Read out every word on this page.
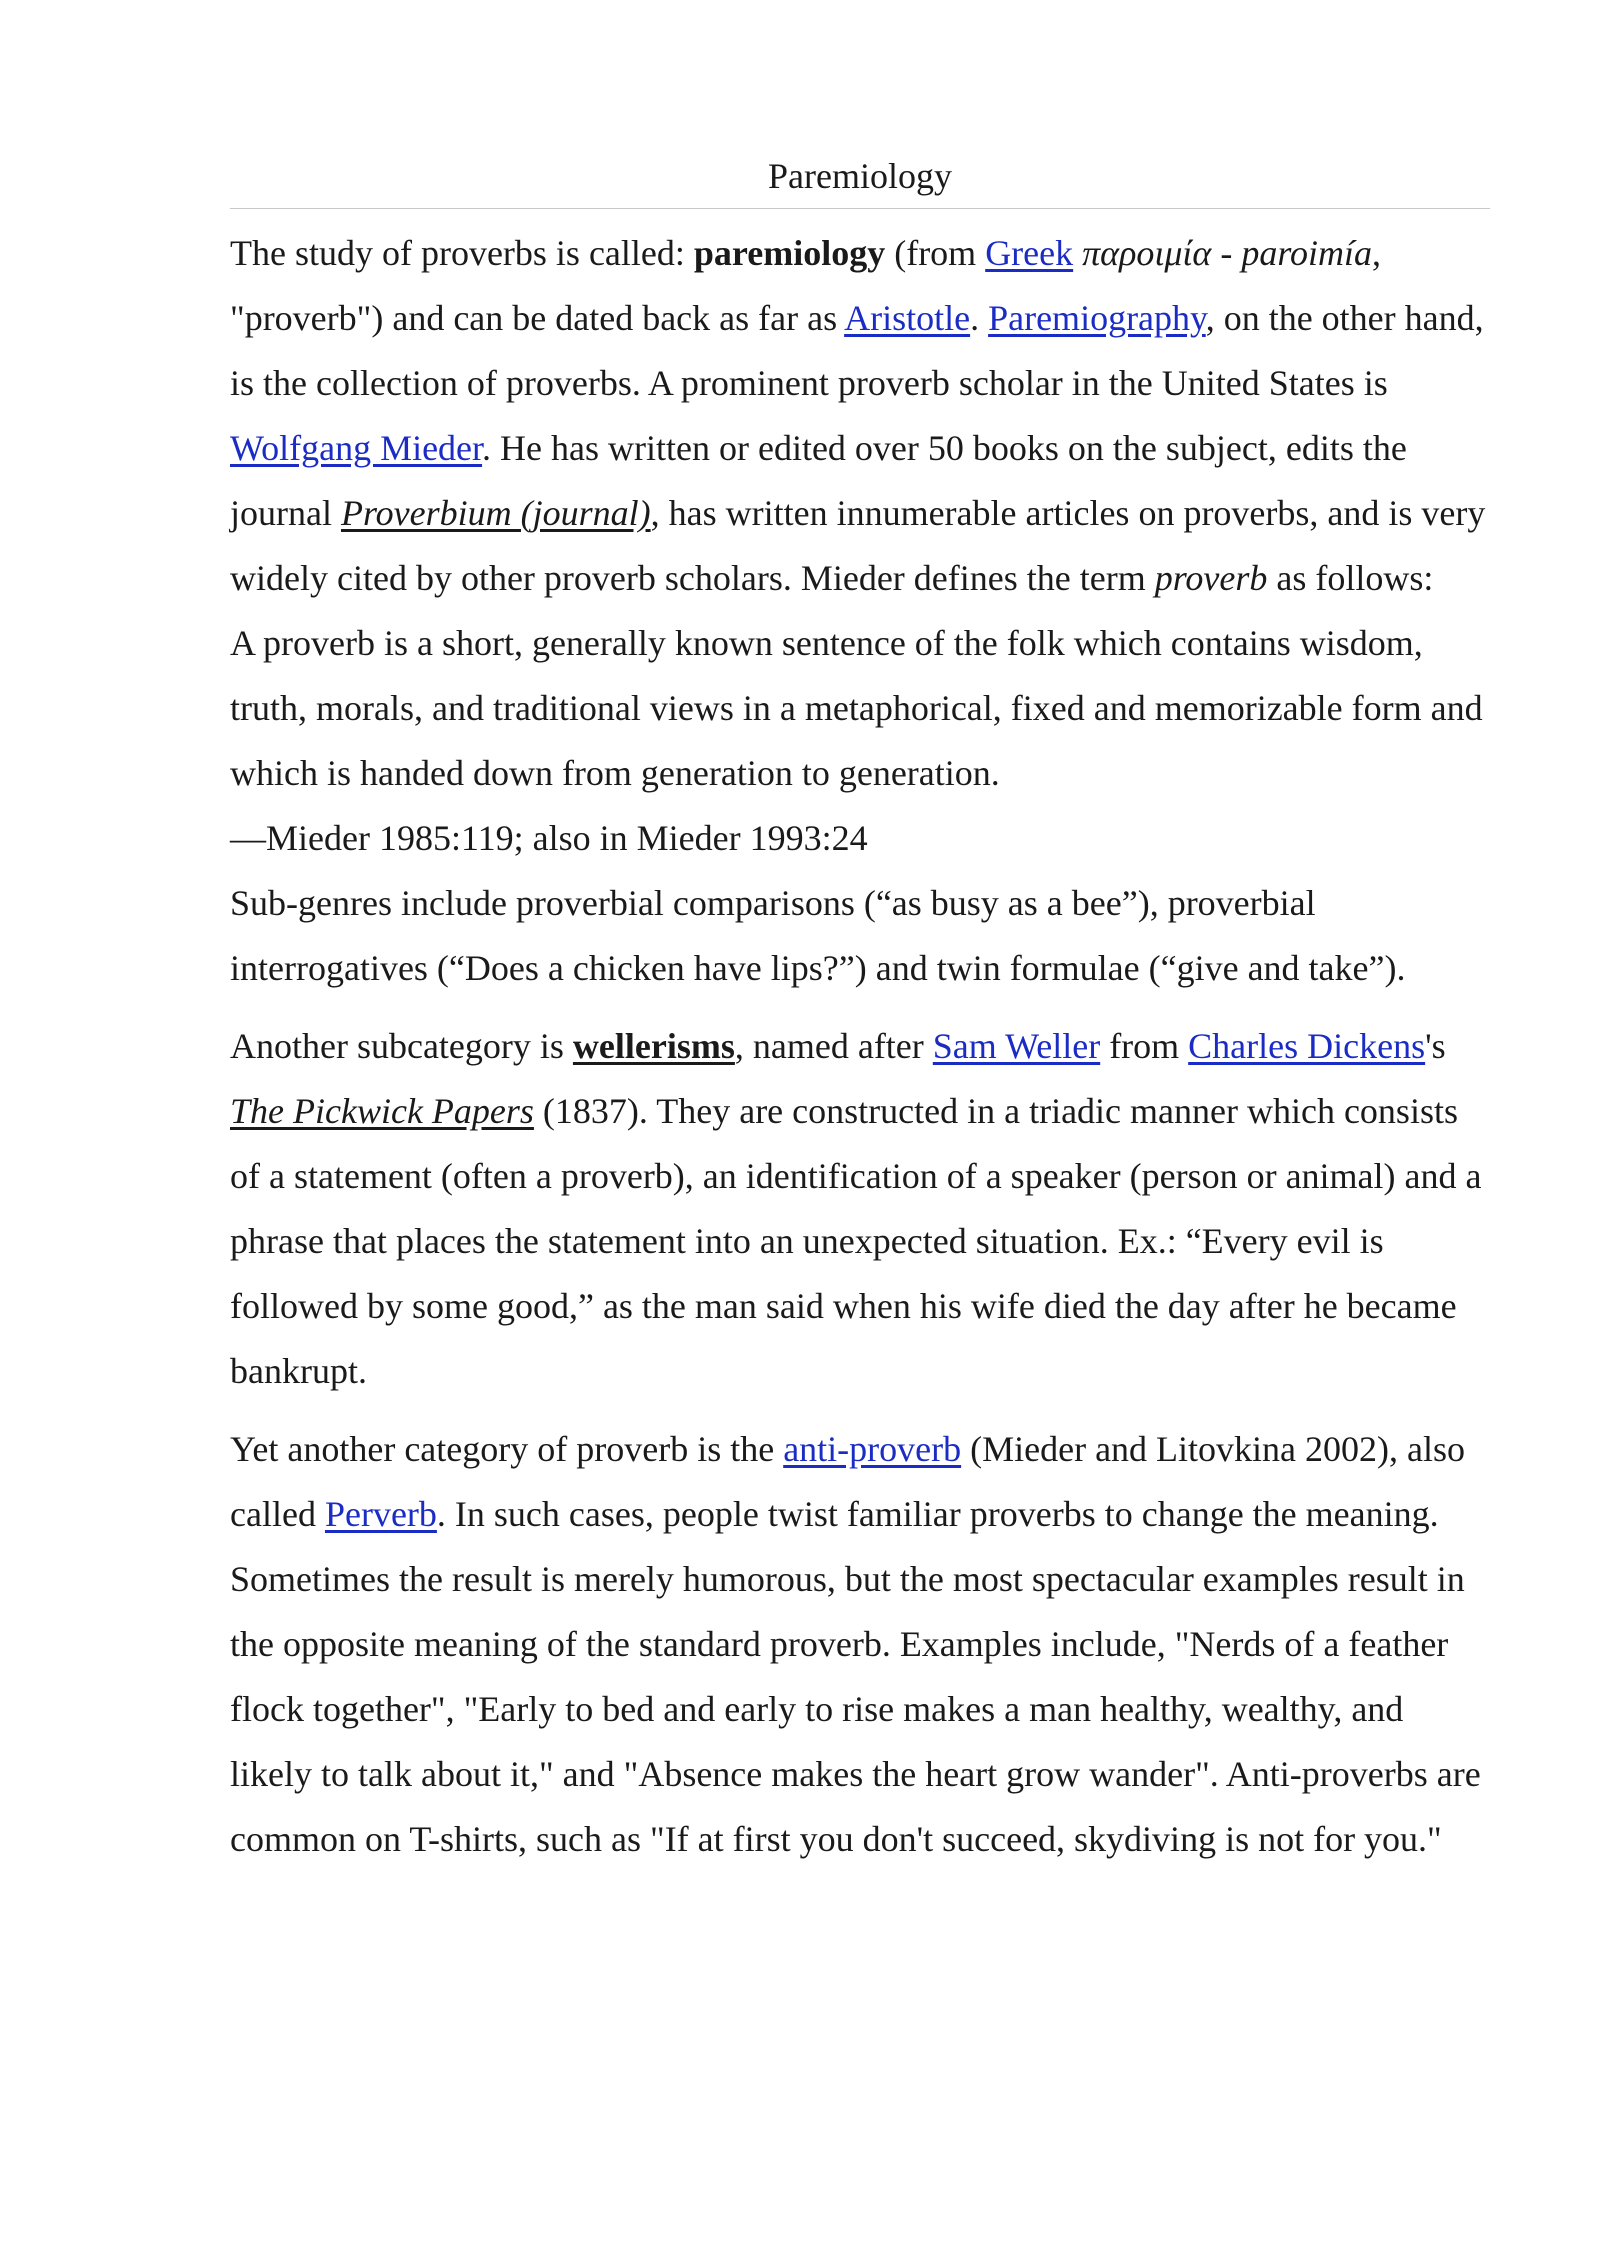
Paremiology

The study of proverbs is called: paremiology (from Greek παροιμία - paroimía, "proverb") and can be dated back as far as Aristotle. Paremiography, on the other hand, is the collection of proverbs. A prominent proverb scholar in the United States is Wolfgang Mieder. He has written or edited over 50 books on the subject, edits the journal Proverbium (journal), has written innumerable articles on proverbs, and is very widely cited by other proverb scholars. Mieder defines the term proverb as follows:

A proverb is a short, generally known sentence of the folk which contains wisdom, truth, morals, and traditional views in a metaphorical, fixed and memorizable form and which is handed down from generation to generation.

—Mieder 1985:119; also in Mieder 1993:24

Sub-genres include proverbial comparisons (“as busy as a bee”), proverbial interrogatives (“Does a chicken have lips?”) and twin formulae (“give and take”).

Another subcategory is wellerisms, named after Sam Weller from Charles Dickens's The Pickwick Papers (1837). They are constructed in a triadic manner which consists of a statement (often a proverb), an identification of a speaker (person or animal) and a phrase that places the statement into an unexpected situation. Ex.: “Every evil is followed by some good,” as the man said when his wife died the day after he became bankrupt.

Yet another category of proverb is the anti-proverb (Mieder and Litovkina 2002), also called Perverb. In such cases, people twist familiar proverbs to change the meaning. Sometimes the result is merely humorous, but the most spectacular examples result in the opposite meaning of the standard proverb. Examples include, "Nerds of a feather flock together", "Early to bed and early to rise makes a man healthy, wealthy, and likely to talk about it," and "Absence makes the heart grow wander". Anti-proverbs are common on T-shirts, such as "If at first you don't succeed, skydiving is not for you."
